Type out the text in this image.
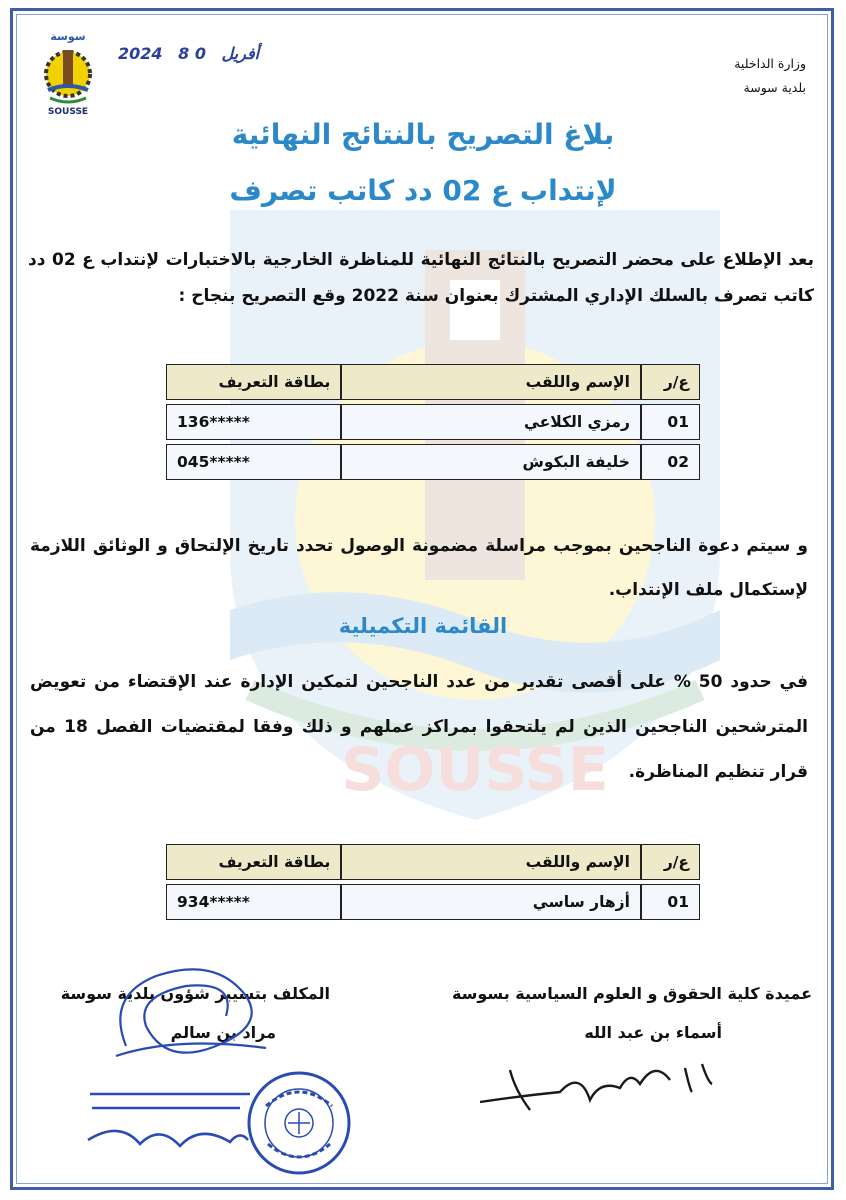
SOUSSE
سوسة
SOUSSE
2024	أفريل 0 8
وزارة الداخلية
بلدية سوسة
بلاغ التصريح بالنتائج النهائية
لإنتداب ع 02 دد كاتب تصرف
بعد الإطلاع على محضر التصريح بالنتائج النهائية للمناظرة الخارجية بالاختبارات لإنتداب ع 02 دد كاتب تصرف بالسلك الإداري المشترك بعنوان سنة 2022 وقع التصريح بنجاح :
ع/ر	الإسم واللقب	بطاقة التعريف
01	رمزي الكلاعي	136*****
02	خليفة البكوش	045*****
و سيتم دعوة الناجحين بموجب مراسلة مضمونة الوصول تحدد تاريخ الإلتحاق و الوثائق اللازمة لإستكمال ملف الإنتداب.
القائمة التكميلية
في حدود 50 % على أقصى تقدير من عدد الناجحين لتمكين الإدارة عند الإقتضاء من تعويض المترشحين الناجحين الذين لم يلتحقوا بمراكز عملهم و ذلك وفقا لمقتضيات الفصل 18 من قرار تنظيم المناظرة.
ع/ر	الإسم واللقب	بطاقة التعريف
01	أزهار ساسي	934*****
عميدة كلية الحقوق و العلوم السياسية بسوسة
أسماء بن عبد الله
المكلف بتسيير شؤون بلدية سوسة
مراد بن سالم
